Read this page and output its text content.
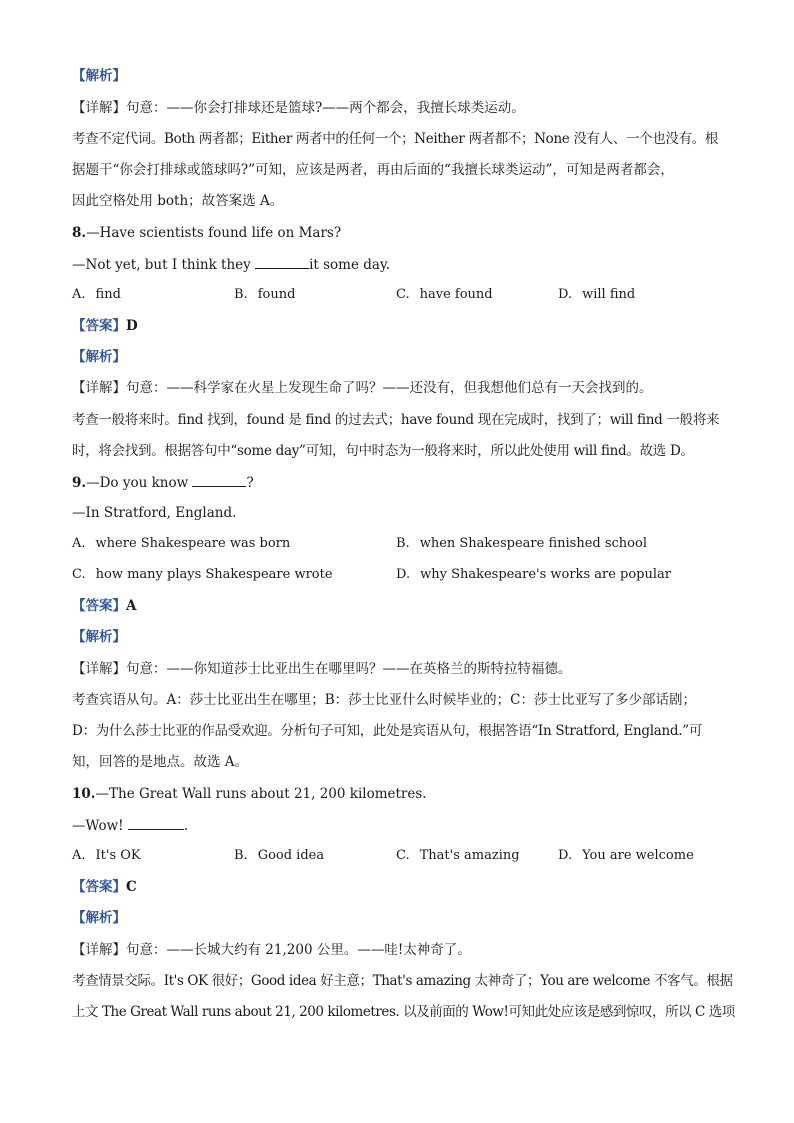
【解析】
【详解】句意：——你会打排球还是篮球?——两个都会，我擅长球类运动。
考查不定代词。Both 两者都；Either 两者中的任何一个；Neither 两者都不；None 没有人、一个也没有。根
据题干“你会打排球或篮球吗?”可知，应该是两者，再由后面的“我擅长球类运动”，可知是两者都会，
因此空格处用 both；故答案选 A。
8.—Have scientists found life on Mars?
—Not yet, but I think they	it some day.
A. find	B. found	C. have found	D. will find
【答案】D
【解析】
【详解】句意：——科学家在火星上发现生命了吗？——还没有，但我想他们总有一天会找到的。
考查一般将来时。find 找到，found 是 find 的过去式；have found 现在完成时，找到了；will find 一般将来
时，将会找到。根据答句中“some day”可知，句中时态为一般将来时，所以此处使用 will find。故选 D。
9.—Do you know	?
—In Stratford, England.
A. where Shakespeare was born	B. when Shakespeare finished school
C. how many plays Shakespeare wrote	D. why Shakespeare's works are popular
【答案】A
【解析】
【详解】句意：——你知道莎士比亚出生在哪里吗？——在英格兰的斯特拉特福德。
考查宾语从句。A：莎士比亚出生在哪里；B：莎士比亚什么时候毕业的；C：莎士比亚写了多少部话剧；
D：为什么莎士比亚的作品受欢迎。分析句子可知，此处是宾语从句，根据答语“In Stratford, England.”可
知，回答的是地点。故选 A。
10.—The Great Wall runs about 21, 200 kilometres.
—Wow!	.
A. It's OK	B. Good idea	C. That's amazing	D. You are welcome
【答案】C
【解析】
【详解】句意：——长城大约有 21,200 公里。——哇!太神奇了。
考查情景交际。It's OK 很好；Good idea 好主意；That's amazing 太神奇了；You are welcome 不客气。根据
上文 The Great Wall runs about 21, 200 kilometres. 以及前面的 Wow!可知此处应该是感到惊叹，所以 C 选项
